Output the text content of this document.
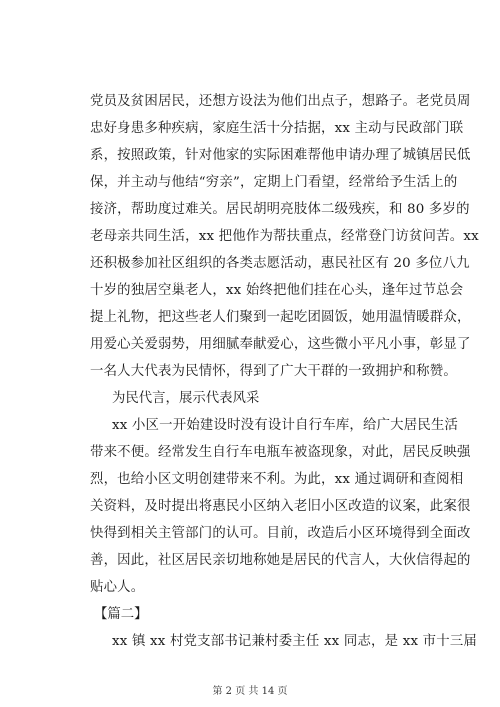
党员及贫困居民，还想方设法为他们出点子，想路子。老党员周
忠好身患多种疾病，家庭生活十分拮据，xx 主动与民政部门联
系，按照政策，针对他家的实际困难帮他申请办理了城镇居民低
保，并主动与他结“穷亲”，定期上门看望，经常给予生活上的
接济，帮助度过难关。居民胡明亮肢体二级残疾，和 80 多岁的
老母亲共同生活，xx 把他作为帮扶重点，经常登门访贫问苦。xx
还积极参加社区组织的各类志愿活动，惠民社区有 20 多位八九
十岁的独居空巢老人，xx 始终把他们挂在心头，逢年过节总会
提上礼物，把这些老人们聚到一起吃团圆饭，她用温情暖群众，
用爱心关爱弱势，用细腻奉献爱心，这些微小平凡小事，彰显了
一名人大代表为民情怀，得到了广大干群的一致拥护和称赞。
为民代言，展示代表风采
xx 小区一开始建设时没有设计自行车库，给广大居民生活
带来不便。经常发生自行车电瓶车被盗现象，对此，居民反映强
烈，也给小区文明创建带来不利。为此，xx 通过调研和查阅相
关资料，及时提出将惠民小区纳入老旧小区改造的议案，此案很
快得到相关主管部门的认可。目前，改造后小区环境得到全面改
善，因此，社区居民亲切地称她是居民的代言人，大伙信得起的
贴心人。
【篇二】
xx 镇 xx 村党支部书记兼村委主任 xx 同志，是 xx 市十三届
第 2 页 共 14 页
